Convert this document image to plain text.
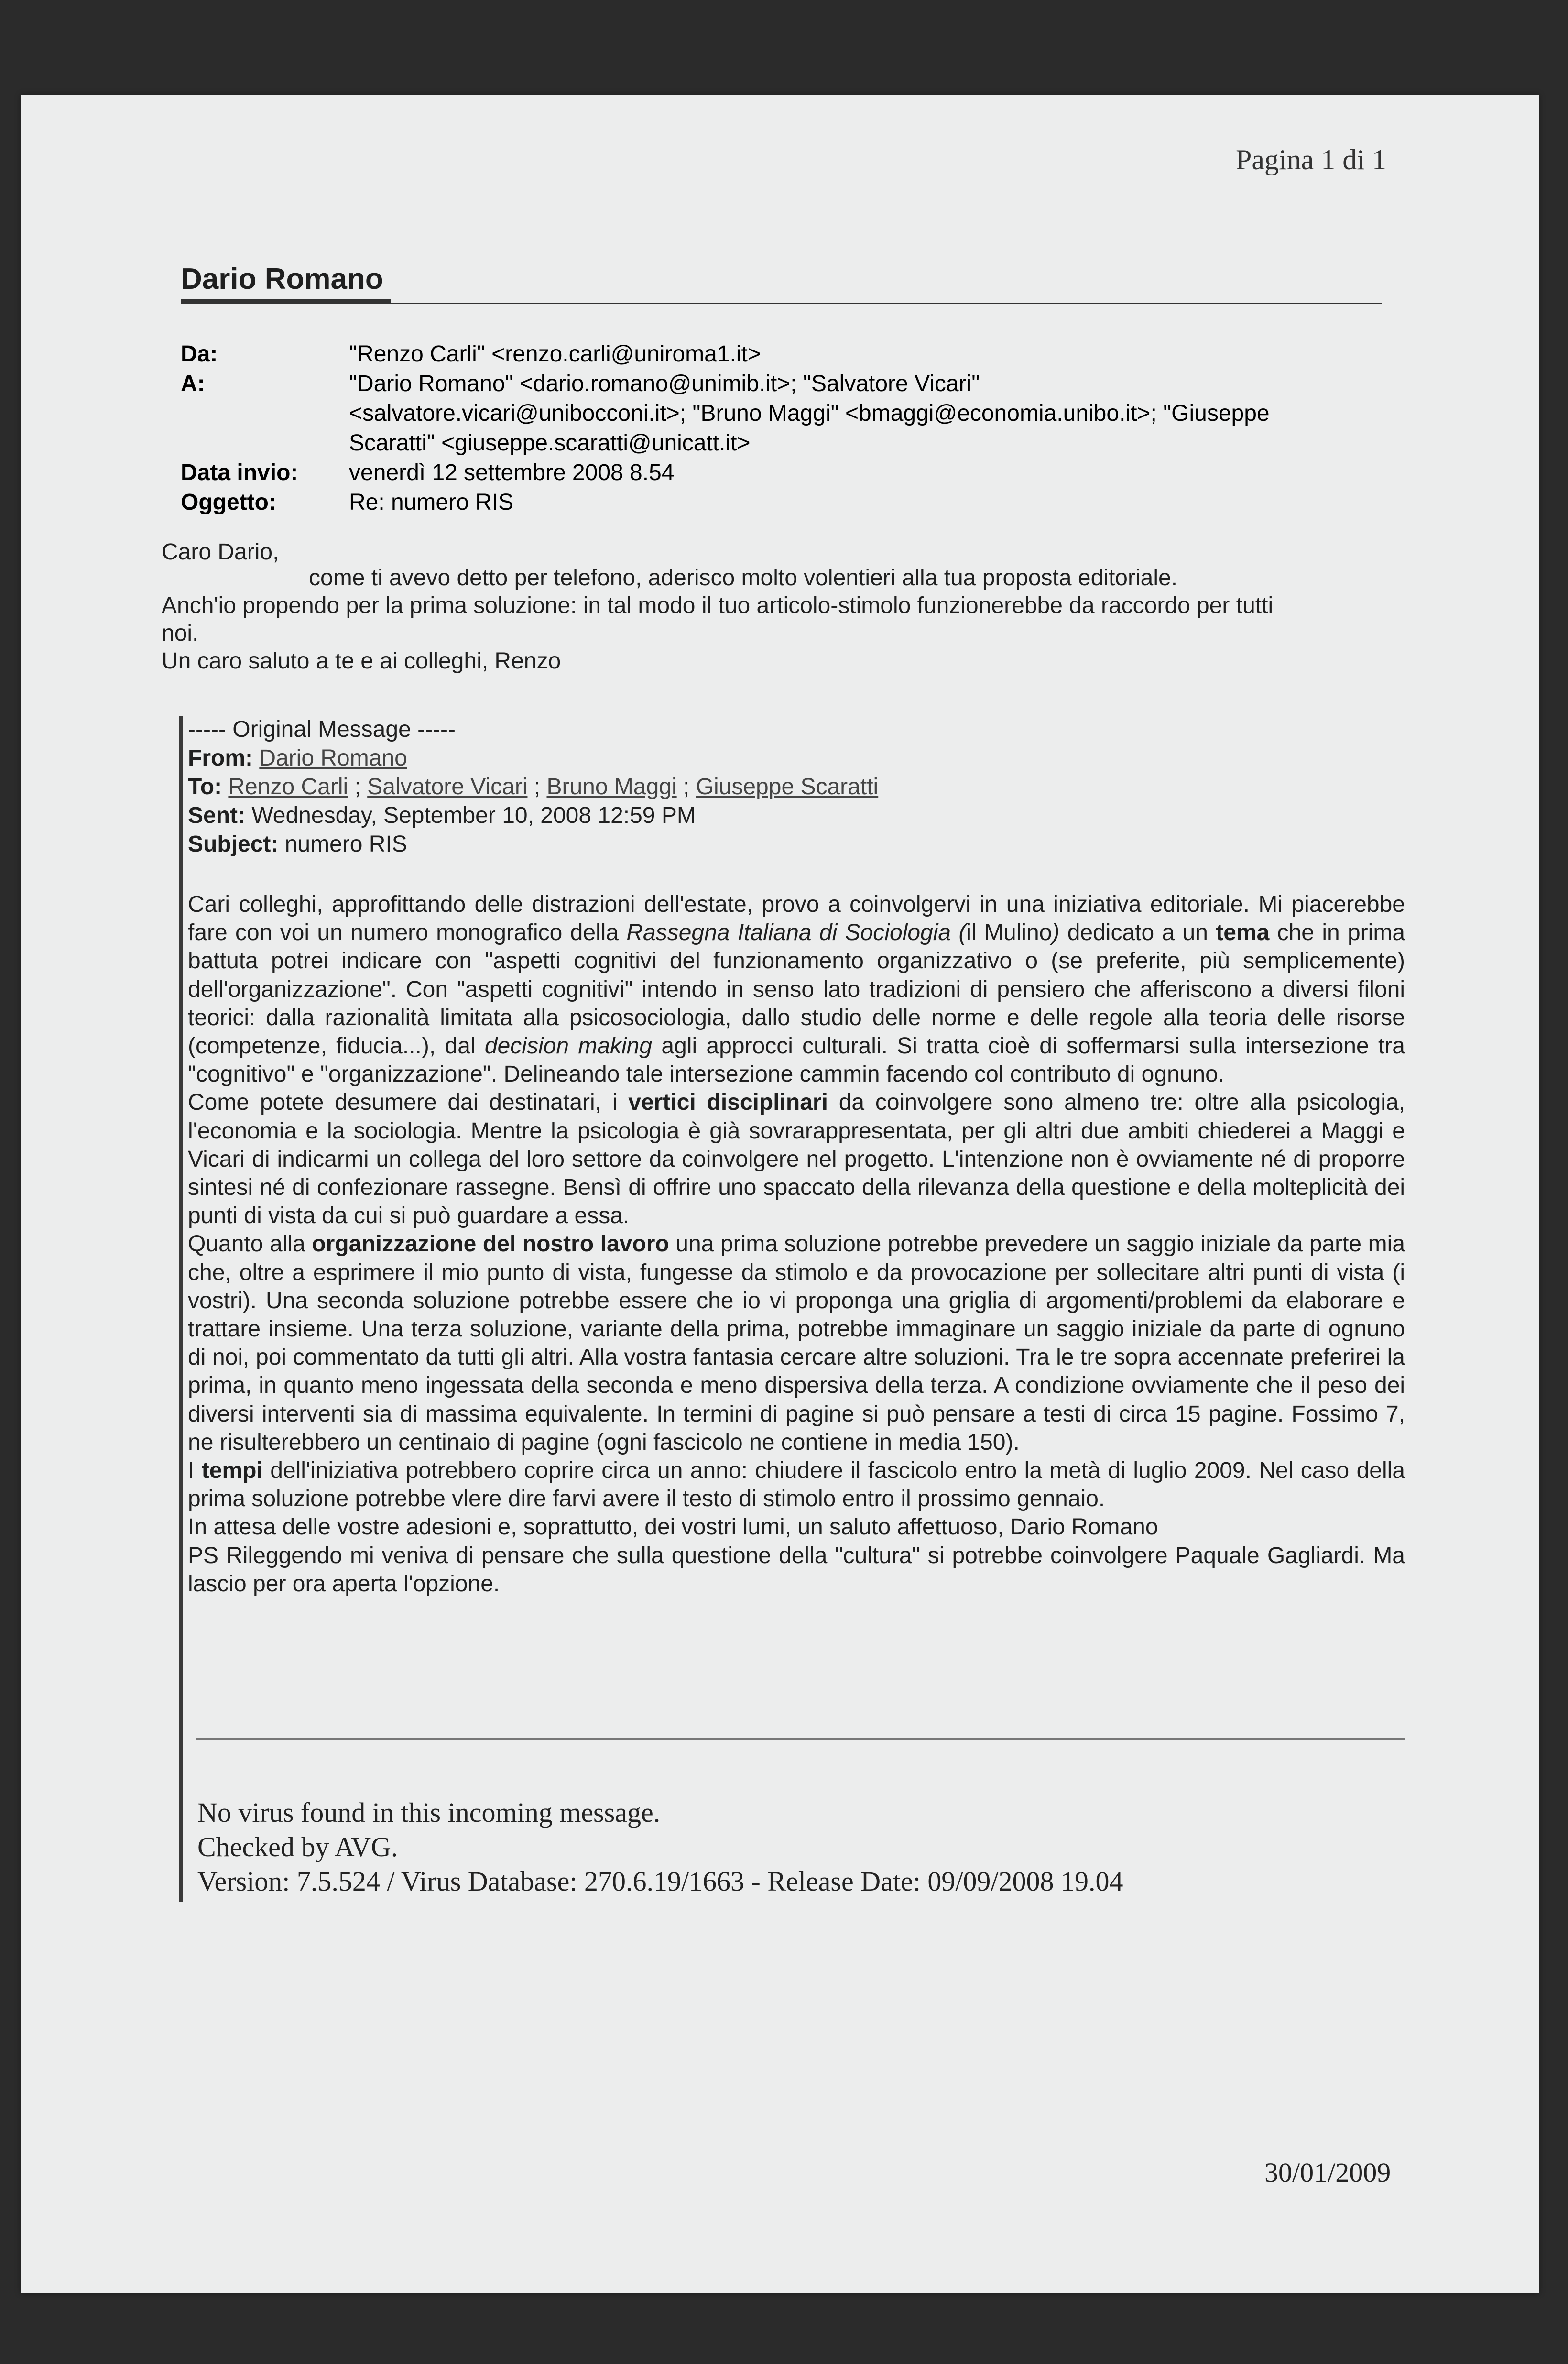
Pagina 1 di 1
Dario Romano
Da:	"Renzo Carli" <renzo.carli@uniroma1.it>
A:	"Dario Romano" <dario.romano@unimib.it>; "Salvatore Vicari"
<salvatore.vicari@unibocconi.it>; "Bruno Maggi" <bmaggi@economia.unibo.it>; "Giuseppe
Scaratti" <giuseppe.scaratti@unicatt.it>
Data invio:	venerdì 12 settembre 2008 8.54
Oggetto:	Re: numero RIS
Caro Dario,
come ti avevo detto per telefono, aderisco molto volentieri alla tua proposta editoriale.
Anch'io propendo per la prima soluzione: in tal modo il tuo articolo-stimolo funzionerebbe da raccordo per tutti
noi.
Un caro saluto a te e ai colleghi, Renzo
----- Original Message -----
From: Dario Romano
To: Renzo Carli ; Salvatore Vicari ; Bruno Maggi ; Giuseppe Scaratti
Sent: Wednesday, September 10, 2008 12:59 PM
Subject: numero RIS

Cari colleghi, approfittando delle distrazioni dell'estate, provo a coinvolgervi in una iniziativa editoriale. Mi piacerebbe fare con voi un numero monografico della Rassegna Italiana di Sociologia (il Mulino) dedicato a un tema che in prima battuta potrei indicare con "aspetti cognitivi del funzionamento organizzativo o (se preferite, più semplicemente) dell'organizzazione". Con "aspetti cognitivi" intendo in senso lato tradizioni di pensiero che afferiscono a diversi filoni teorici: dalla razionalità limitata alla psicosociologia, dallo studio delle norme e delle regole alla teoria delle risorse (competenze, fiducia...), dal decision making agli approcci culturali. Si tratta cioè di soffermarsi sulla intersezione tra "cognitivo" e "organizzazione". Delineando tale intersezione cammin facendo col contributo di ognuno.

Come potete desumere dai destinatari, i vertici disciplinari da coinvolgere sono almeno tre: oltre alla psicologia, l'economia e la sociologia. Mentre la psicologia è già sovrarappresentata, per gli altri due ambiti chiederei a Maggi e Vicari di indicarmi un collega del loro settore da coinvolgere nel progetto. L'intenzione non è ovviamente né di proporre sintesi né di confezionare rassegne. Bensì di offrire uno spaccato della rilevanza della questione e della molteplicità dei punti di vista da cui si può guardare a essa.

Quanto alla organizzazione del nostro lavoro una prima soluzione potrebbe prevedere un saggio iniziale da parte mia che, oltre a esprimere il mio punto di vista, fungesse da stimolo e da provocazione per sollecitare altri punti di vista (i vostri). Una seconda soluzione potrebbe essere che io vi proponga una griglia di argomenti/problemi da elaborare e trattare insieme. Una terza soluzione, variante della prima, potrebbe immaginare un saggio iniziale da parte di ognuno di noi, poi commentato da tutti gli altri. Alla vostra fantasia cercare altre soluzioni. Tra le tre sopra accennate preferirei la prima, in quanto meno ingessata della seconda e meno dispersiva della terza. A condizione ovviamente che il peso dei diversi interventi sia di massima equivalente. In termini di pagine si può pensare a testi di circa 15 pagine. Fossimo 7, ne risulterebbero un centinaio di pagine (ogni fascicolo ne contiene in media 150).

I tempi dell'iniziativa potrebbero coprire circa un anno: chiudere il fascicolo entro la metà di luglio 2009. Nel caso della prima soluzione potrebbe vlere dire farvi avere il testo di stimolo entro il prossimo gennaio.

In attesa delle vostre adesioni e, soprattutto, dei vostri lumi, un saluto affettuoso, Dario Romano

PS Rileggendo mi veniva di pensare che sulla questione della "cultura" si potrebbe coinvolgere Paquale Gagliardi. Ma lascio per ora aperta l'opzione.

No virus found in this incoming message.
Checked by AVG.
Version: 7.5.524 / Virus Database: 270.6.19/1663 - Release Date: 09/09/2008 19.04
30/01/2009
